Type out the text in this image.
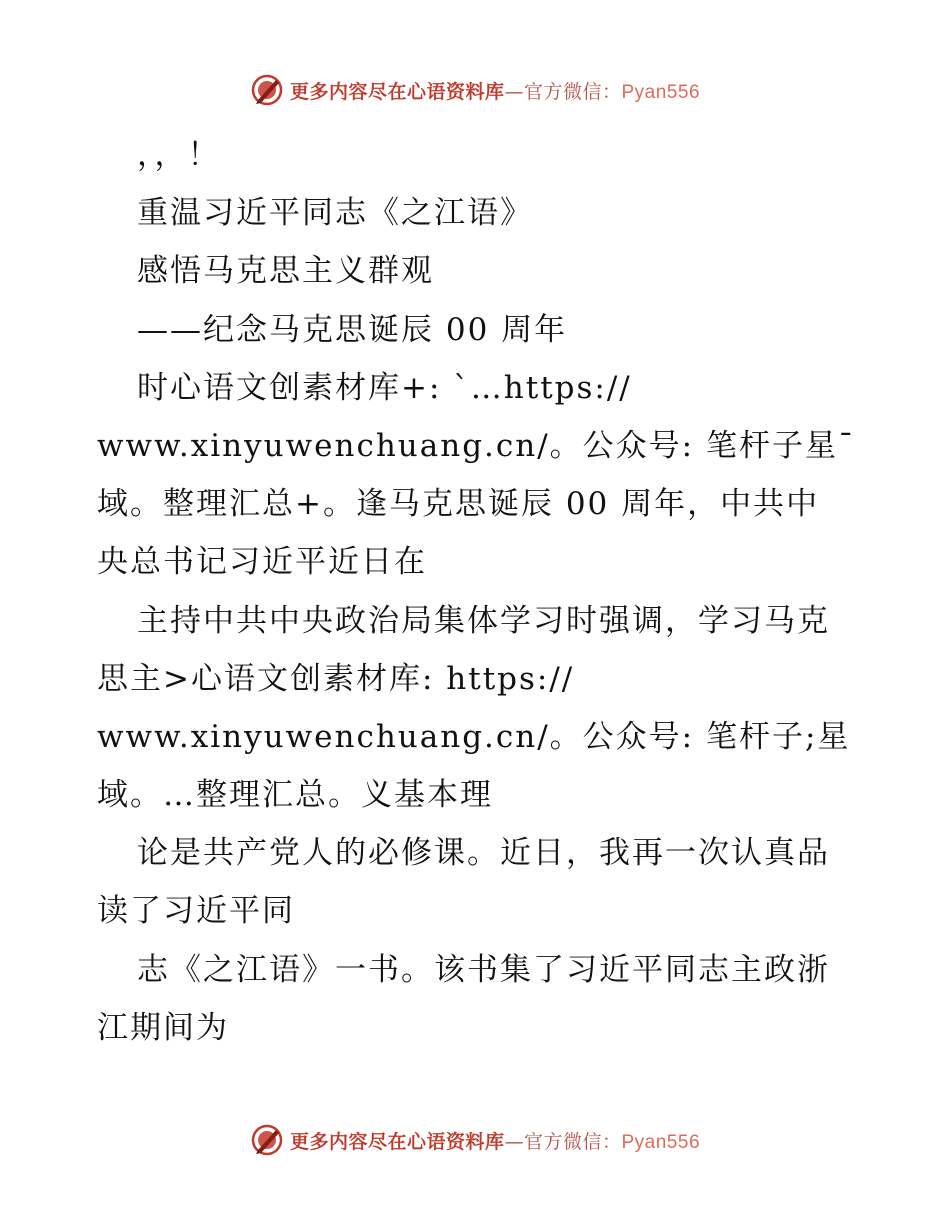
更多内容尽在心语资料库—官方微信：Pyan556
，，！
重温习近平同志《之江语》
感悟马克思主义群观
——纪念马克思诞辰 00 周年
时心语文创素材库+: `…https://
www.xinyuwenchuang.cn/。公众号: 笔杆子星¯
域。整理汇总+。逢马克思诞辰 00 周年，中共中
央总书记习近平近日在
主持中共中央政治局集体学习时强调，学习马克
思主>心语文创素材库: https://
www.xinyuwenchuang.cn/。公众号: 笔杆子;星
域。…整理汇总。义基本理
论是共产党人的必修课。近日，我再一次认真品
读了习近平同
志《之江语》一书。该书集了习近平同志主政浙
江期间为
更多内容尽在心语资料库—官方微信：Pyan556
